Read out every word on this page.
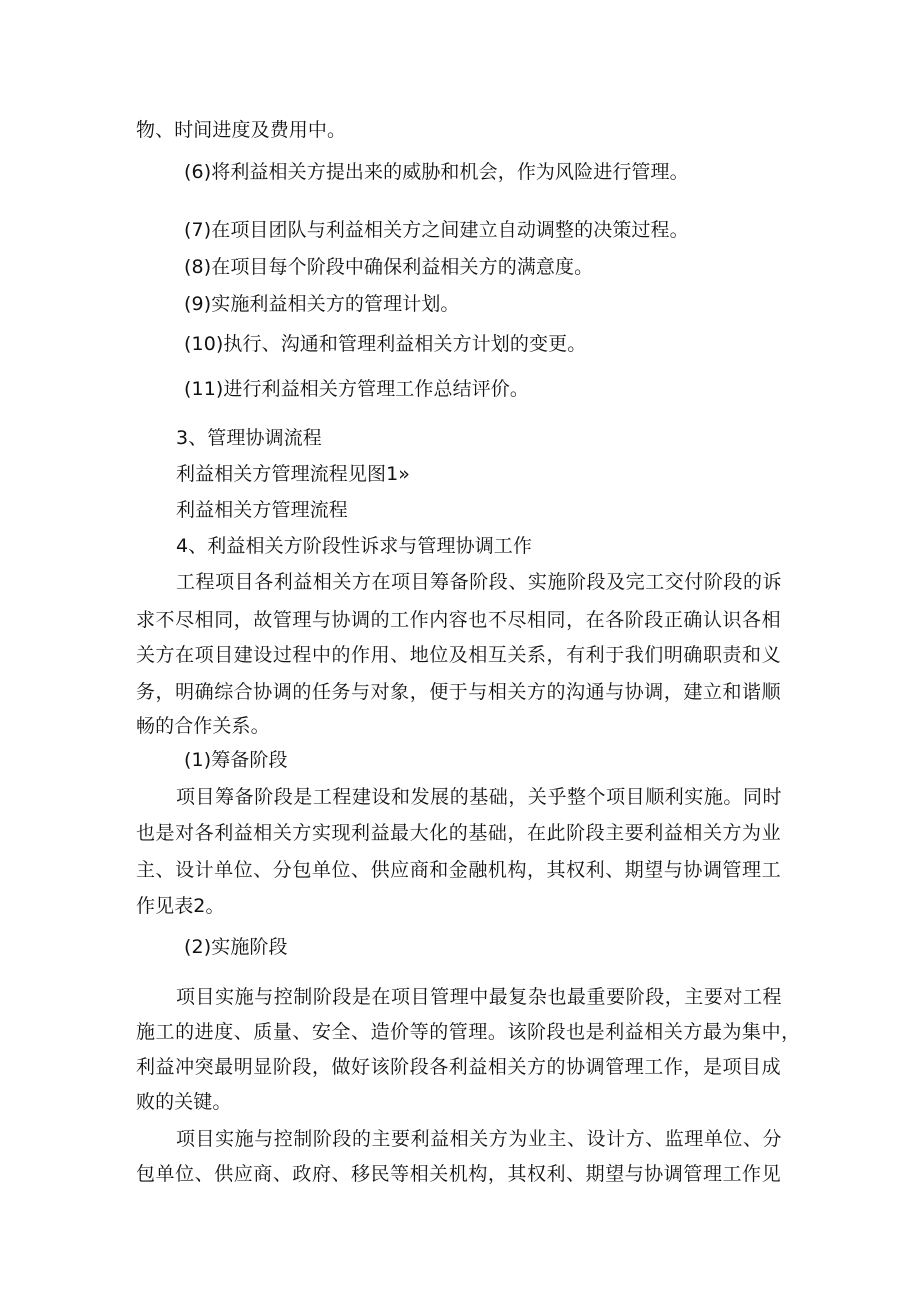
物、时间进度及费用中。
(6)将利益相关方提出来的威胁和机会，作为风险进行管理。
(7)在项目团队与利益相关方之间建立自动调整的决策过程。
(8)在项目每个阶段中确保利益相关方的满意度。
(9)实施利益相关方的管理计划。
(10)执行、沟通和管理利益相关方计划的变更。
(11)进行利益相关方管理工作总结评价。
3、管理协调流程
利益相关方管理流程见图1»
利益相关方管理流程
4、利益相关方阶段性诉求与管理协调工作
工程项目各利益相关方在项目筹备阶段、实施阶段及完工交付阶段的诉
求不尽相同，故管理与协调的工作内容也不尽相同，在各阶段正确认识各相
关方在项目建设过程中的作用、地位及相互关系，有利于我们明确职责和义
务，明确综合协调的任务与对象，便于与相关方的沟通与协调，建立和谐顺
畅的合作关系。
(1)筹备阶段
项目筹备阶段是工程建设和发展的基础，关乎整个项目顺利实施。同时
也是对各利益相关方实现利益最大化的基础，在此阶段主要利益相关方为业
主、设计单位、分包单位、供应商和金融机构，其权利、期望与协调管理工
作见表2。
(2)实施阶段
项目实施与控制阶段是在项目管理中最复杂也最重要阶段，主要对工程
施工的进度、质量、安全、造价等的管理。该阶段也是利益相关方最为集中，
利益冲突最明显阶段，做好该阶段各利益相关方的协调管理工作，是项目成
败的关键。
项目实施与控制阶段的主要利益相关方为业主、设计方、监理单位、分
包单位、供应商、政府、移民等相关机构，其权利、期望与协调管理工作见
